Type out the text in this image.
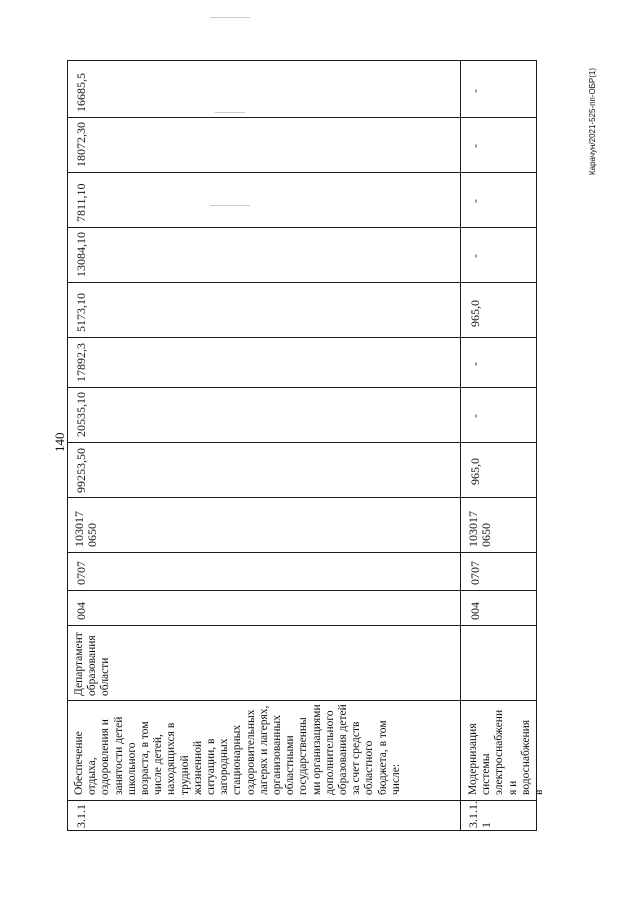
140
Карачун/2021-525-пп-ОБР(1)
3.1.1
Обеспечение отдыха, оздоровления и занятости детей школьного возраста, в том числе детей, находящихся в трудной жизненной ситуации, в загородных стационарных оздоровительных лагерях и лагерях, организованных областными государственны ми организациями дополнительного образования детей за счет средств областного бюджета, в том числе:
Департамент образования области
004
0707
103017 0650
99253,50
20535,10
17892,3
5173,10
13084,10
7811,10
18072,30
16685,5
3.1.1. 1
Модернизация системы электроснабжени я и водоснабжения в
004
0707
103017 0650
965,0
-
-
965,0
-
-
-
-
